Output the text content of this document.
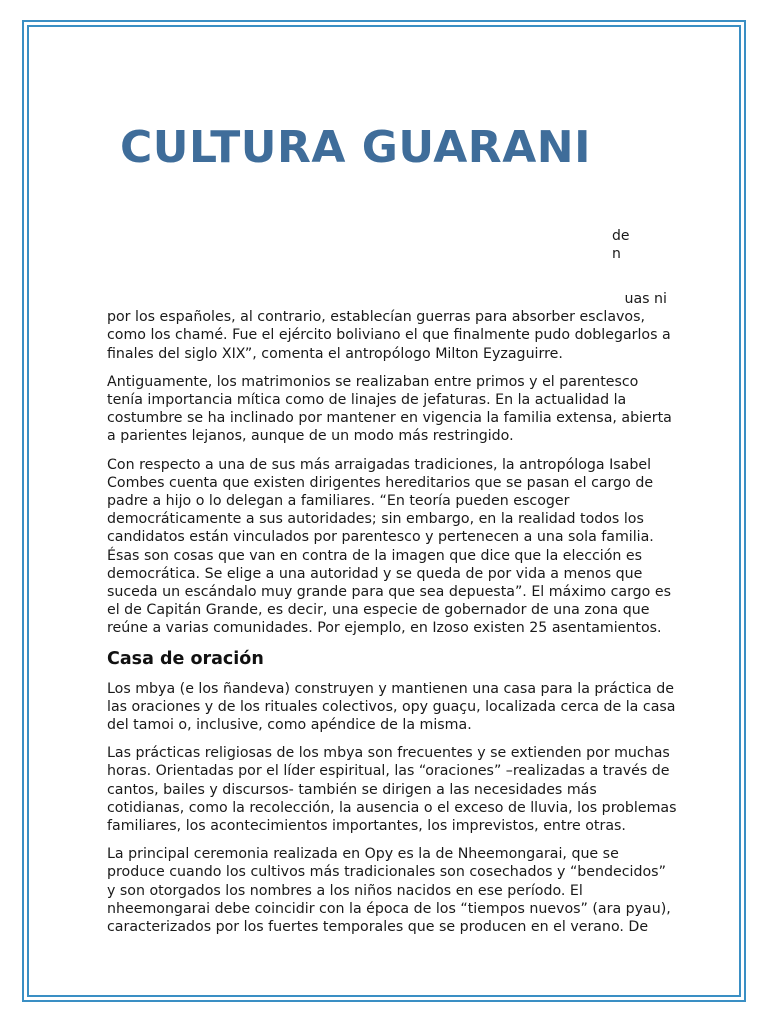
CULTURA GUARANI
de
n

uas ni
por los españoles, al contrario, establecían guerras para absorber esclavos,
como los chamé. Fue el ejército boliviano el que finalmente pudo doblegarlos a
finales del siglo XIX”, comenta el antropólogo Milton Eyzaguirre.

Antiguamente, los matrimonios se realizaban entre primos y el parentesco
tenía importancia mítica como de linajes de jefaturas. En la actualidad la
costumbre se ha inclinado por mantener en vigencia la familia extensa, abierta
a parientes lejanos, aunque de un modo más restringido.

Con respecto a una de sus más arraigadas tradiciones, la antropóloga Isabel
Combes cuenta que existen dirigentes hereditarios que se pasan el cargo de
padre a hijo o lo delegan a familiares. “En teoría pueden escoger
democráticamente a sus autoridades; sin embargo, en la realidad todos los
candidatos están vinculados por parentesco y pertenecen a una sola familia.
Ésas son cosas que van en contra de la imagen que dice que la elección es
democrática. Se elige a una autoridad y se queda de por vida a menos que
suceda un escándalo muy grande para que sea depuesta”. El máximo cargo es
el de Capitán Grande, es decir, una especie de gobernador de una zona que
reúne a varias comunidades. Por ejemplo, en Izoso existen 25 asentamientos.

Casa de oración

Los mbya (e los ñandeva) construyen y mantienen una casa para la práctica de
las oraciones y de los rituales colectivos, opy guaçu, localizada cerca de la casa
del tamoi o, inclusive, como apéndice de la misma.

Las prácticas religiosas de los mbya son frecuentes y se extienden por muchas
horas. Orientadas por el líder espiritual, las “oraciones” –realizadas a través de
cantos, bailes y discursos- también se dirigen a las necesidades más
cotidianas, como la recolección, la ausencia o el exceso de lluvia, los problemas
familiares, los acontecimientos importantes, los imprevistos, entre otras.

La principal ceremonia realizada en Opy es la de Nheemongarai, que se
produce cuando los cultivos más tradicionales son cosechados y “bendecidos”
y son otorgados los nombres a los niños nacidos en ese período. El
nheemongarai debe coincidir con la época de los “tiempos nuevos” (ara pyau),
caracterizados por los fuertes temporales que se producen en el verano. De
